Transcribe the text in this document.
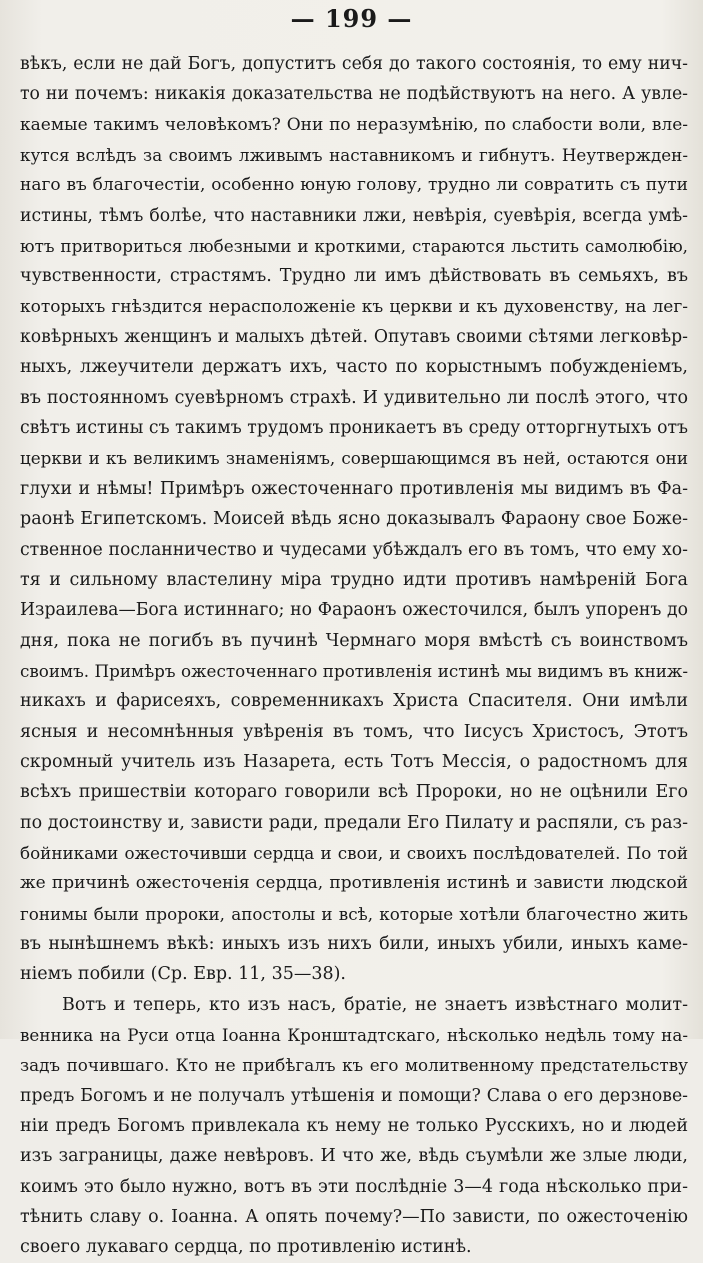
— 199 —
вѣкъ, если не дай Богъ, допуститъ себя до такого состоянія, то ему нич-
то ни почемъ: никакія доказательства не подѣйствуютъ на него. А увле-
каемые такимъ человѣкомъ? Они по неразумѣнію, по слабости воли, вле-
кутся вслѣдъ за своимъ лживымъ наставникомъ и гибнутъ. Неутвержден-
наго въ благочестіи, особенно юную голову, трудно ли совратить съ пути
истины, тѣмъ болѣе, что наставники лжи, невѣрія, суевѣрія, всегда умѣ-
ютъ притвориться любезными и кроткими, стараются льстить самолюбію,
чувственности, страстямъ. Трудно ли имъ дѣйствовать въ семьяхъ, въ
которыхъ гнѣздится нерасположеніе къ церкви и къ духовенству, на лег-
ковѣрныхъ женщинъ и малыхъ дѣтей. Опутавъ своими сѣтями легковѣр-
ныхъ, лжеучители держатъ ихъ, часто по корыстнымъ побужденіемъ,
въ постоянномъ суевѣрномъ страхѣ. И удивительно ли послѣ этого, что
свѣтъ истины съ такимъ трудомъ проникаетъ въ среду отторгнутыхъ отъ
церкви и къ великимъ знаменіямъ, совершающимся въ ней, остаются они
глухи и нѣмы! Примѣръ ожесточеннаго противленія мы видимъ въ Фа-
раонѣ Египетскомъ. Моисей вѣдь ясно доказывалъ Фараону свое Боже-
ственное посланничество и чудесами убѣждалъ его въ томъ, что ему хо-
тя и сильному властелину міра трудно идти противъ намѣреній Бога
Израилева—Бога истиннаго; но Фараонъ ожесточился, былъ упоренъ до
дня, пока не погибъ въ пучинѣ Чермнаго моря вмѣстѣ съ воинствомъ
своимъ. Примѣръ ожесточеннаго противленія истинѣ мы видимъ въ книж-
никахъ и фарисеяхъ, современникахъ Христа Спасителя. Они имѣли
ясныя и несомнѣнныя увѣренія въ томъ, что Іисусъ Христосъ, Этотъ
скромный учитель изъ Назарета, есть Тотъ Мессія, о радостномъ для
всѣхъ пришествіи котораго говорили всѣ Пророки, но не оцѣнили Его
по достоинству и, зависти ради, предали Его Пилату и распяли, съ раз-
бойниками ожесточивши сердца и свои, и своихъ послѣдователей. По той
же причинѣ ожесточенія сердца, противленія истинѣ и зависти людской
гонимы были пророки, апостолы и всѣ, которые хотѣли благочестно жить
въ нынѣшнемъ вѣкѣ: иныхъ изъ нихъ били, иныхъ убили, иныхъ каме-
ніемъ побили (Ср. Евр. 11, 35—38).
Вотъ и теперь, кто изъ насъ, братіе, не знаетъ извѣстнаго молит-
венника на Руси отца Іоанна Кронштадтскаго, нѣсколько недѣль тому на-
задъ почившаго. Кто не прибѣгалъ къ его молитвенному предстательству
предъ Богомъ и не получалъ утѣшенія и помощи? Слава о его дерзнове-
ніи предъ Богомъ привлекала къ нему не только Русскихъ, но и людей
изъ заграницы, даже невѣровъ. И что же, вѣдь съумѣли же злые люди,
коимъ это было нужно, вотъ въ эти послѣдніе 3—4 года нѣсколько при-
тѣнить славу о. Іоанна. А опять почему?—По зависти, по ожесточенію
своего лукаваго сердца, по противленію истинѣ.
